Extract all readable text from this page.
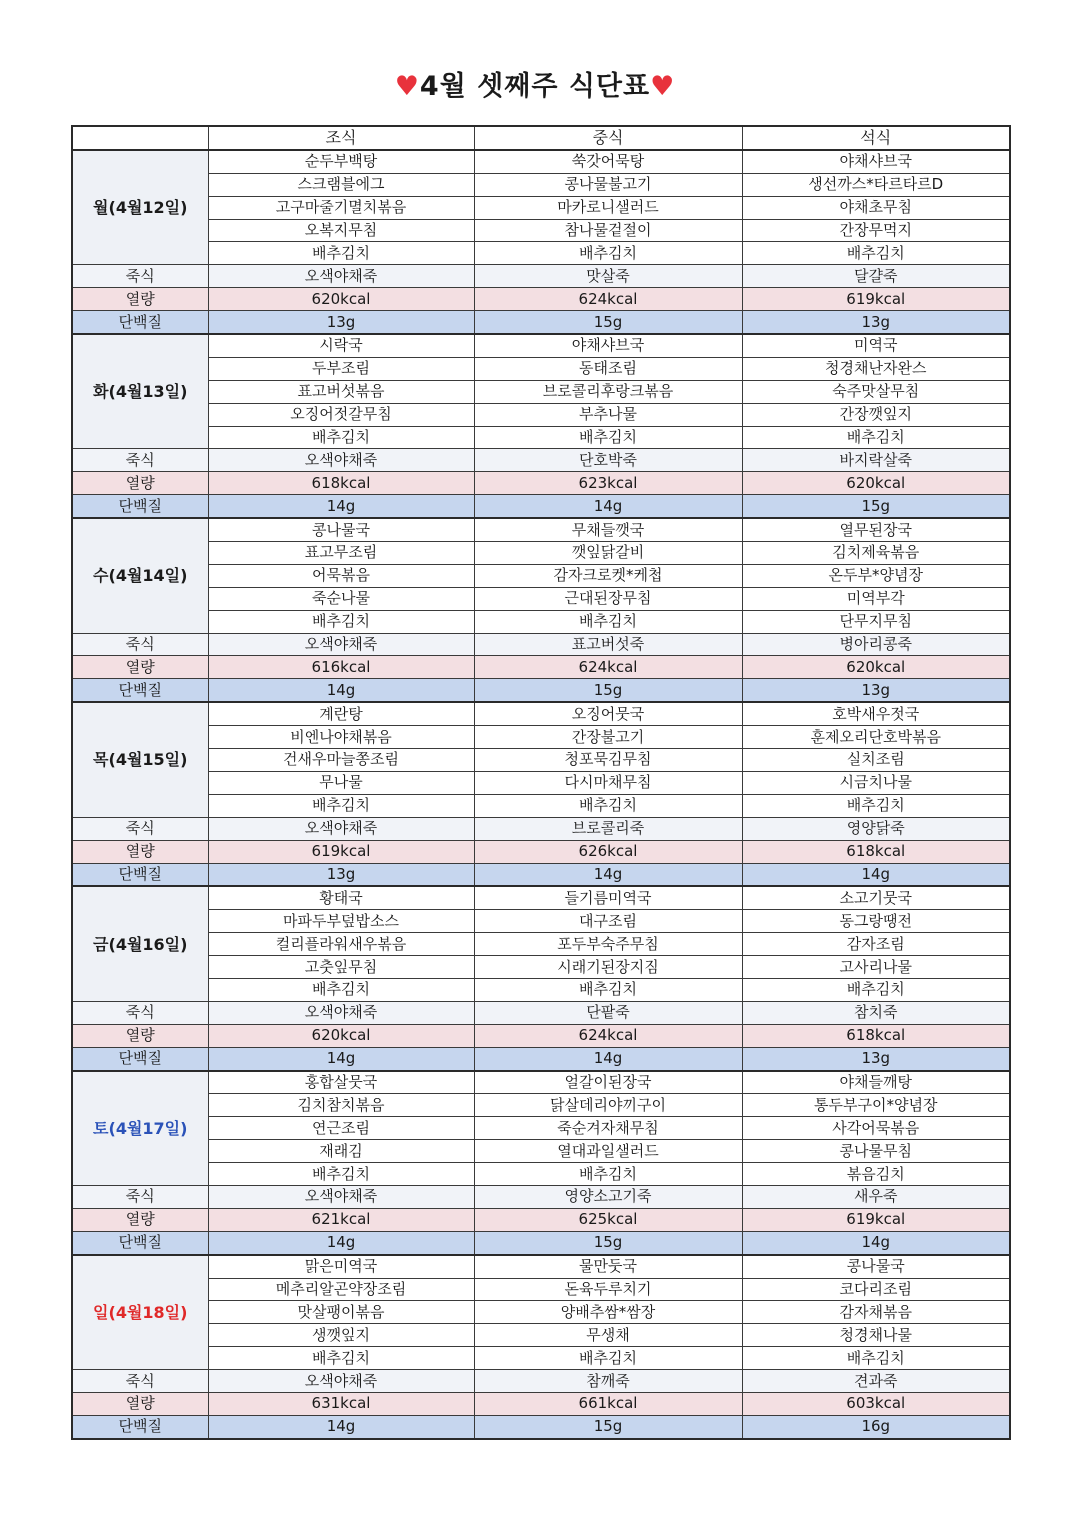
♥4월 셋째주 식단표♥
	조식	중식	석식
월(4월12일)	순두부백탕	쑥갓어묵탕	야채샤브국
	스크램블에그	콩나물불고기	생선까스*타르타르D
	고구마줄기멸치볶음	마카로니샐러드	야채초무침
	오복지무침	참나물겉절이	간장무먹지
	배추김치	배추김치	배추김치
죽식	오색야채죽	맛살죽	달걀죽
열량	620kcal	624kcal	619kcal
단백질	13g	15g	13g
화(4월13일)	시락국	야채샤브국	미역국
	두부조림	동태조림	청경채난자완스
	표고버섯볶음	브로콜리후랑크볶음	숙주맛살무침
	오징어젓갈무침	부추나물	간장깻잎지
	배추김치	배추김치	배추김치
죽식	오색야채죽	단호박죽	바지락살죽
열량	618kcal	623kcal	620kcal
단백질	14g	14g	15g
수(4월14일)	콩나물국	무채들깻국	열무된장국
	표고무조림	깻잎닭갈비	김치제육볶음
	어묵볶음	감자크로켓*케첩	온두부*양념장
	죽순나물	근대된장무침	미역부각
	배추김치	배추김치	단무지무침
죽식	오색야채죽	표고버섯죽	병아리콩죽
열량	616kcal	624kcal	620kcal
단백질	14g	15g	13g
목(4월15일)	계란탕	오징어뭇국	호박새우젓국
	비엔나야채볶음	간장불고기	훈제오리단호박볶음
	건새우마늘쫑조림	청포묵김무침	실치조림
	무나물	다시마채무침	시금치나물
	배추김치	배추김치	배추김치
죽식	오색야채죽	브로콜리죽	영양닭죽
열량	619kcal	626kcal	618kcal
단백질	13g	14g	14g
금(4월16일)	황태국	들기름미역국	소고기뭇국
	마파두부덮밥소스	대구조림	동그랑땡전
	컬리플라워새우볶음	포두부숙주무침	감자조림
	고춧잎무침	시래기된장지짐	고사리나물
	배추김치	배추김치	배추김치
죽식	오색야채죽	단팥죽	참치죽
열량	620kcal	624kcal	618kcal
단백질	14g	14g	13g
토(4월17일)	홍합살뭇국	얼갈이된장국	야채들깨탕
	김치참치볶음	닭살데리야끼구이	통두부구이*양념장
	연근조림	죽순겨자채무침	사각어묵볶음
	재래김	열대과일샐러드	콩나물무침
	배추김치	배추김치	볶음김치
죽식	오색야채죽	영양소고기죽	새우죽
열량	621kcal	625kcal	619kcal
단백질	14g	15g	14g
일(4월18일)	맑은미역국	물만둣국	콩나물국
	메추리알곤약장조림	돈육두루치기	코다리조림
	맛살팽이볶음	양배추쌈*쌈장	감자채볶음
	생깻잎지	무생채	청경채나물
	배추김치	배추김치	배추김치
죽식	오색야채죽	참깨죽	견과죽
열량	631kcal	661kcal	603kcal
단백질	14g	15g	16g
